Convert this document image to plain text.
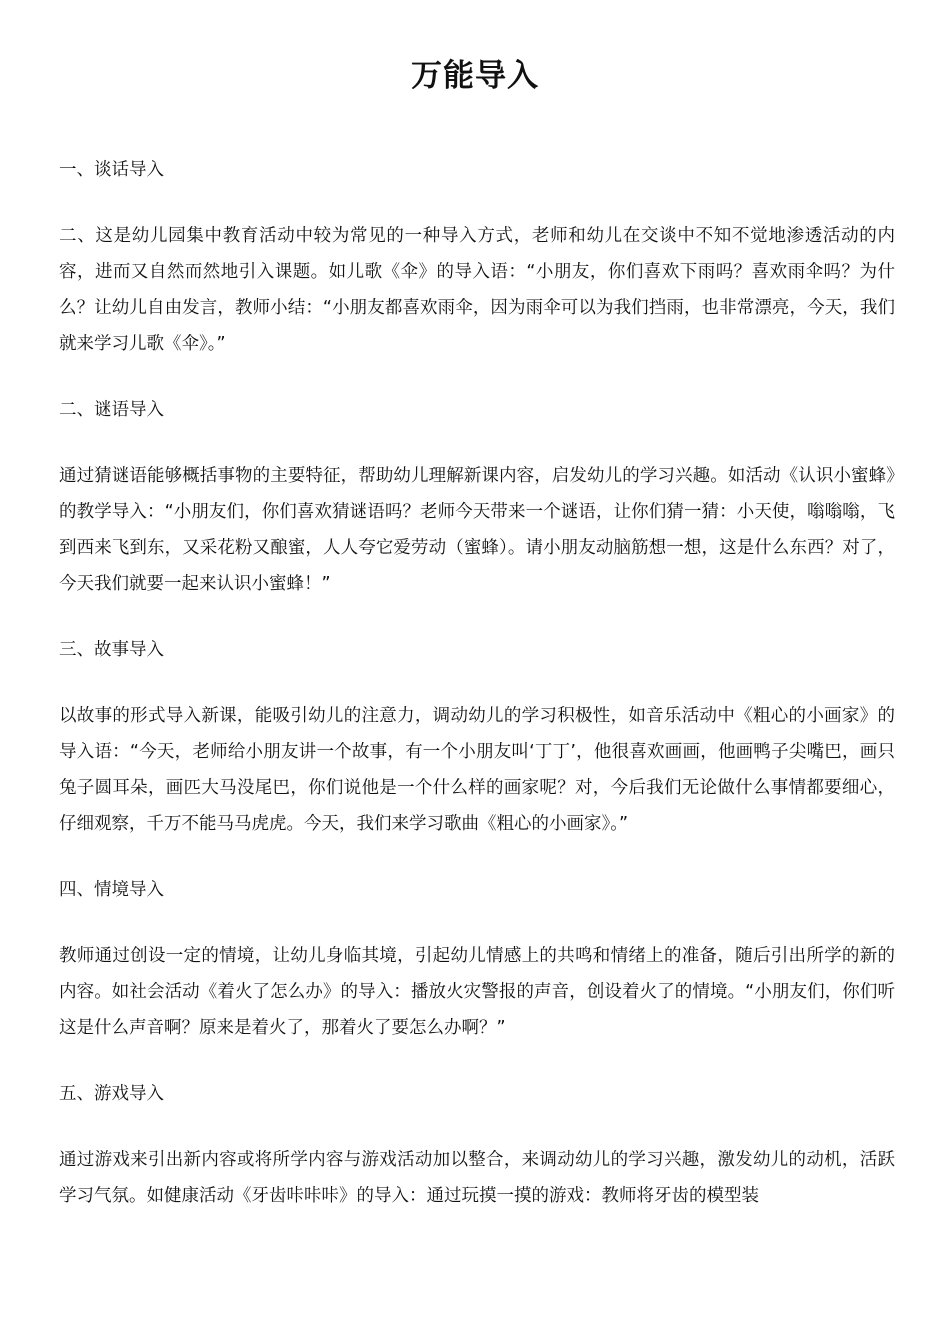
万能导入
一、谈话导入
二、这是幼儿园集中教育活动中较为常见的一种导入方式，老师和幼儿在交谈中不知不觉地渗透活动的内容，进而又自然而然地引入课题。如儿歌《伞》的导入语：“小朋友，你们喜欢下雨吗？喜欢雨伞吗？为什么？让幼儿自由发言，教师小结：“小朋友都喜欢雨伞，因为雨伞可以为我们挡雨，也非常漂亮，今天，我们就来学习儿歌《伞》。”
二、谜语导入
通过猜谜语能够概括事物的主要特征，帮助幼儿理解新课内容，启发幼儿的学习兴趣。如活动《认识小蜜蜂》的教学导入：“小朋友们，你们喜欢猜谜语吗？老师今天带来一个谜语，让你们猜一猜：小天使，嗡嗡嗡，飞到西来飞到东，又采花粉又酿蜜，人人夸它爱劳动（蜜蜂）。请小朋友动脑筋想一想，这是什么东西？对了，今天我们就要一起来认识小蜜蜂！”
三、故事导入
以故事的形式导入新课，能吸引幼儿的注意力，调动幼儿的学习积极性，如音乐活动中《粗心的小画家》的导入语：“今天，老师给小朋友讲一个故事，有一个小朋友叫‘丁丁’，他很喜欢画画，他画鸭子尖嘴巴，画只兔子圆耳朵，画匹大马没尾巴，你们说他是一个什么样的画家呢？对，今后我们无论做什么事情都要细心，仔细观察，千万不能马马虎虎。今天，我们来学习歌曲《粗心的小画家》。”
四、情境导入
教师通过创设一定的情境，让幼儿身临其境，引起幼儿情感上的共鸣和情绪上的准备，随后引出所学的新的内容。如社会活动《着火了怎么办》的导入：播放火灾警报的声音，创设着火了的情境。“小朋友们，你们听这是什么声音啊？原来是着火了，那着火了要怎么办啊？”
五、游戏导入
通过游戏来引出新内容或将所学内容与游戏活动加以整合，来调动幼儿的学习兴趣，激发幼儿的动机，活跃学习气氛。如健康活动《牙齿咔咔咔》的导入：通过玩摸一摸的游戏：教师将牙齿的模型装
